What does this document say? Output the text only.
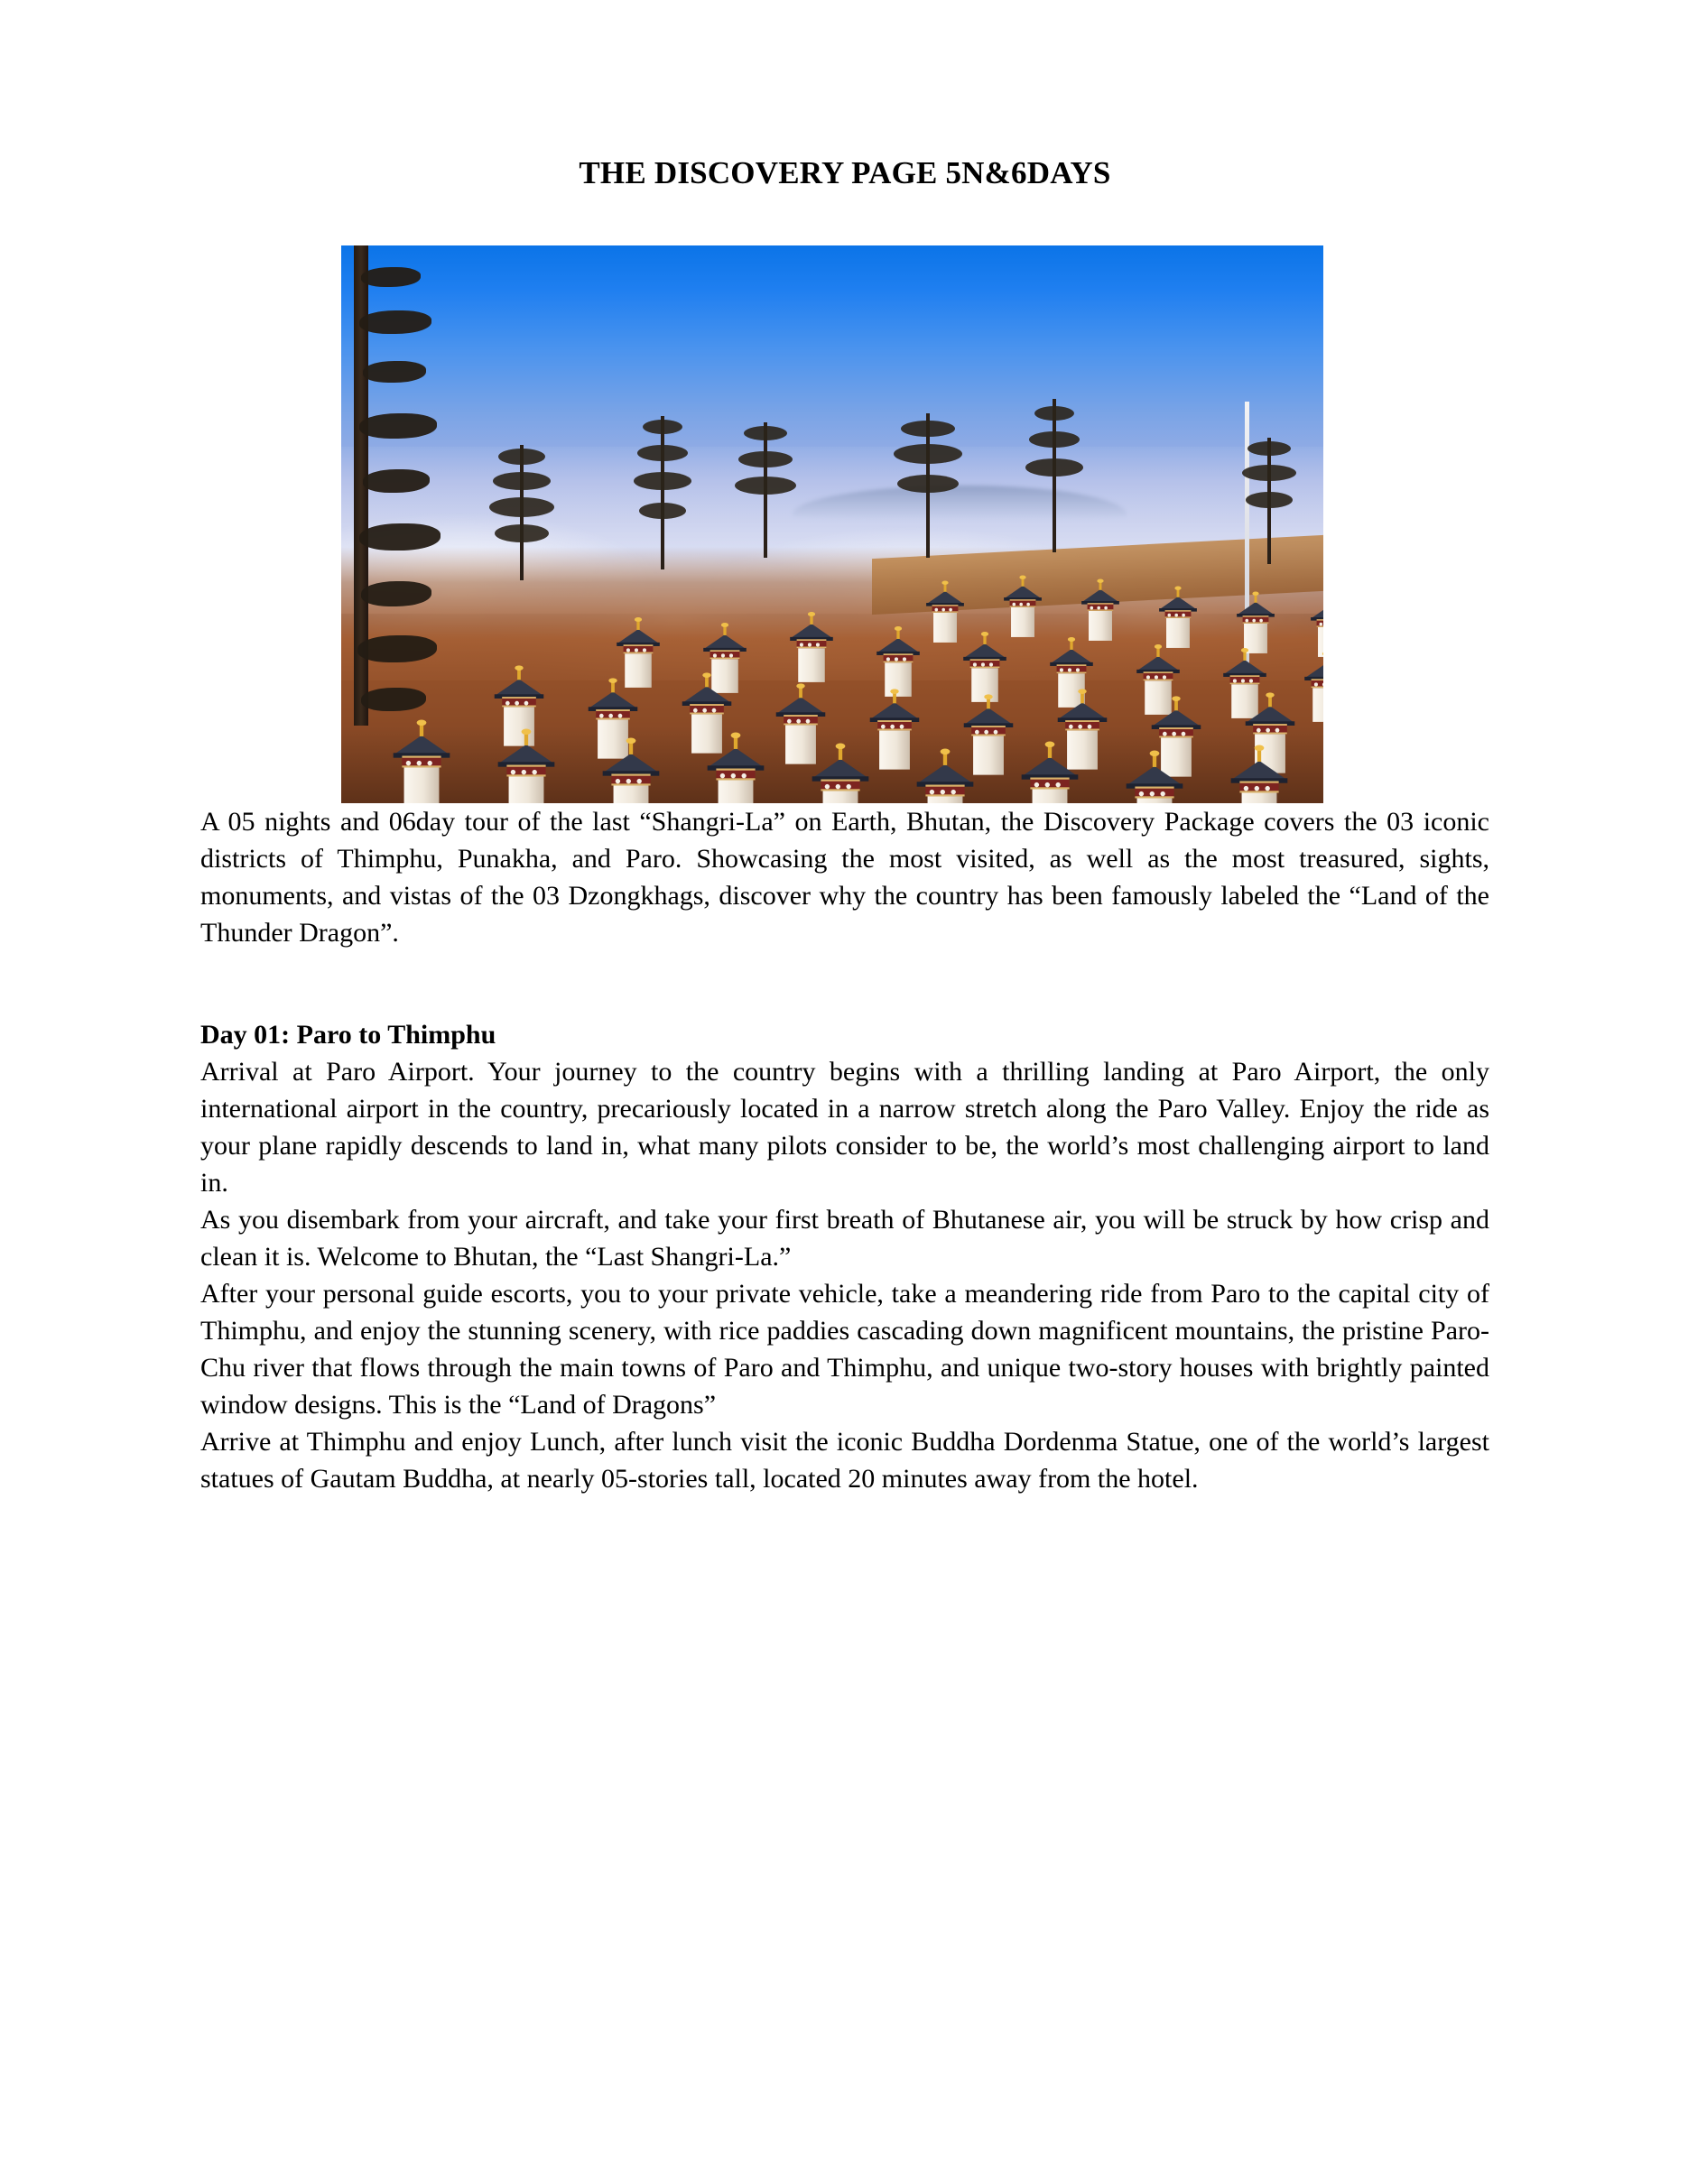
THE DISCOVERY PAGE 5N&6DAYS

A 05 nights and 06day tour of the last “Shangri-La” on Earth, Bhutan, the Discovery Package covers the 03 iconic districts of Thimphu, Punakha, and Paro. Showcasing the most visited, as well as the most treasured, sights, monuments, and vistas of the 03 Dzongkhags, discover why the country has been famously labeled the “Land of the Thunder Dragon”.

Day 01: Paro to Thimphu

Arrival at Paro Airport. Your journey to the country begins with a thrilling landing at Paro Airport, the only international airport in the country, precariously located in a narrow stretch along the Paro Valley. Enjoy the ride as your plane rapidly descends to land in, what many pilots consider to be, the world’s most challenging airport to land in.

As you disembark from your aircraft, and take your first breath of Bhutanese air, you will be struck by how crisp and clean it is. Welcome to Bhutan, the “Last Shangri-La.”

After your personal guide escorts, you to your private vehicle, take a meandering ride from Paro to the capital city of Thimphu, and enjoy the stunning scenery, with rice paddies cascading down magnificent mountains, the pristine Paro-Chu river that flows through the main towns of Paro and Thimphu, and unique two-story houses with brightly painted window designs. This is the “Land of Dragons”

Arrive at Thimphu and enjoy Lunch, after lunch visit the iconic Buddha Dordenma Statue, one of the world’s largest statues of Gautam Buddha, at nearly 05-stories tall, located 20 minutes away from the hotel.
